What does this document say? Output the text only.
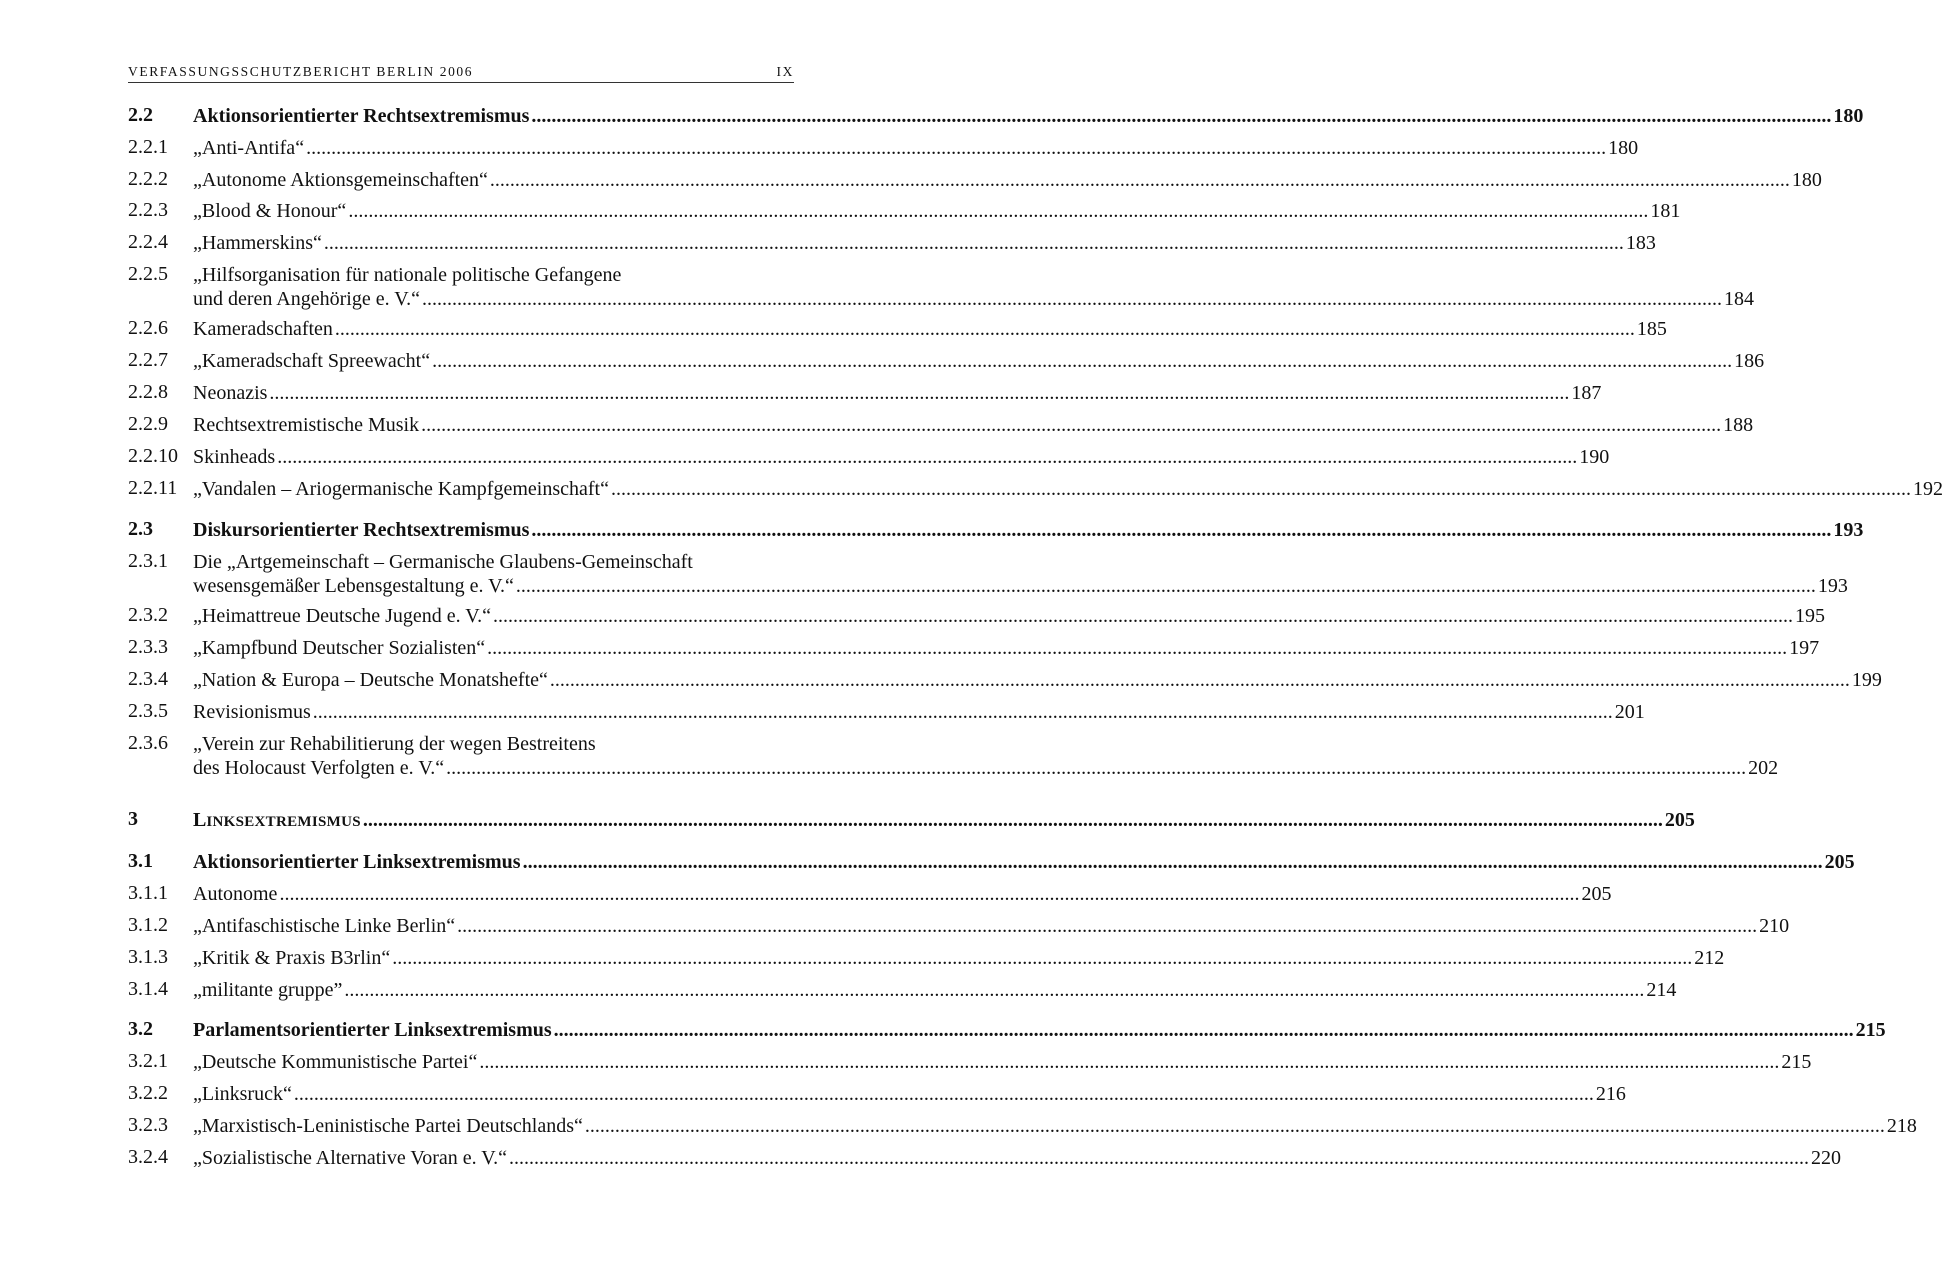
VERFASSUNGSSCHUTZBERICHT BERLIN 2006	IX
2.2 Aktionsorientierter Rechtsextremismus .................................................................................................................................................................................................................................................................... 180
2.2.1 „Anti-Antifa“ .................................................................................................................................................................................................................................................................... 180
2.2.2 „Autonome Aktionsgemeinschaften“ .................................................................................................................................................................................................................................................................... 180
2.2.3 „Blood & Honour“ .................................................................................................................................................................................................................................................................... 181
2.2.4 „Hammerskins“ .................................................................................................................................................................................................................................................................... 183
2.2.5 „Hilfsorganisation für nationale politische Gefangene
und deren Angehörige e. V.“ .................................................................................................................................................................................................................................................................... 184
2.2.6 Kameradschaften .................................................................................................................................................................................................................................................................... 185
2.2.7 „Kameradschaft Spreewacht“ .................................................................................................................................................................................................................................................................... 186
2.2.8 Neonazis .................................................................................................................................................................................................................................................................... 187
2.2.9 Rechtsextremistische Musik .................................................................................................................................................................................................................................................................... 188
2.2.10 Skinheads .................................................................................................................................................................................................................................................................... 190
2.2.11 „Vandalen – Ariogermanische Kampfgemeinschaft“ .................................................................................................................................................................................................................................................................... 192
2.3 Diskursorientierter Rechtsextremismus .................................................................................................................................................................................................................................................................... 193
2.3.1 Die „Artgemeinschaft – Germanische Glaubens-Gemeinschaft
wesensgemäßer Lebensgestaltung e. V.“ .................................................................................................................................................................................................................................................................... 193
2.3.2 „Heimattreue Deutsche Jugend e. V.“ .................................................................................................................................................................................................................................................................... 195
2.3.3 „Kampfbund Deutscher Sozialisten“ .................................................................................................................................................................................................................................................................... 197
2.3.4 „Nation & Europa – Deutsche Monatshefte“ .................................................................................................................................................................................................................................................................... 199
2.3.5 Revisionismus .................................................................................................................................................................................................................................................................... 201
2.3.6 „Verein zur Rehabilitierung der wegen Bestreitens
des Holocaust Verfolgten e. V.“ .................................................................................................................................................................................................................................................................... 202
3	LINKSEXTREMISMUS .................................................................................................................................................................................................................................................................... 205
3.1 Aktionsorientierter Linksextremismus .................................................................................................................................................................................................................................................................... 205
3.1.1 Autonome .................................................................................................................................................................................................................................................................... 205
3.1.2 „Antifaschistische Linke Berlin“ .................................................................................................................................................................................................................................................................... 210
3.1.3 „Kritik & Praxis B3rlin“ .................................................................................................................................................................................................................................................................... 212
3.1.4 „militante gruppe” .................................................................................................................................................................................................................................................................... 214
3.2 Parlamentsorientierter Linksextremismus .................................................................................................................................................................................................................................................................... 215
3.2.1 „Deutsche Kommunistische Partei“ .................................................................................................................................................................................................................................................................... 215
3.2.2 „Linksruck“ .................................................................................................................................................................................................................................................................... 216
3.2.3 „Marxistisch-Leninistische Partei Deutschlands“ .................................................................................................................................................................................................................................................................... 218
3.2.4 „Sozialistische Alternative Voran e. V.“ .................................................................................................................................................................................................................................................................... 220
